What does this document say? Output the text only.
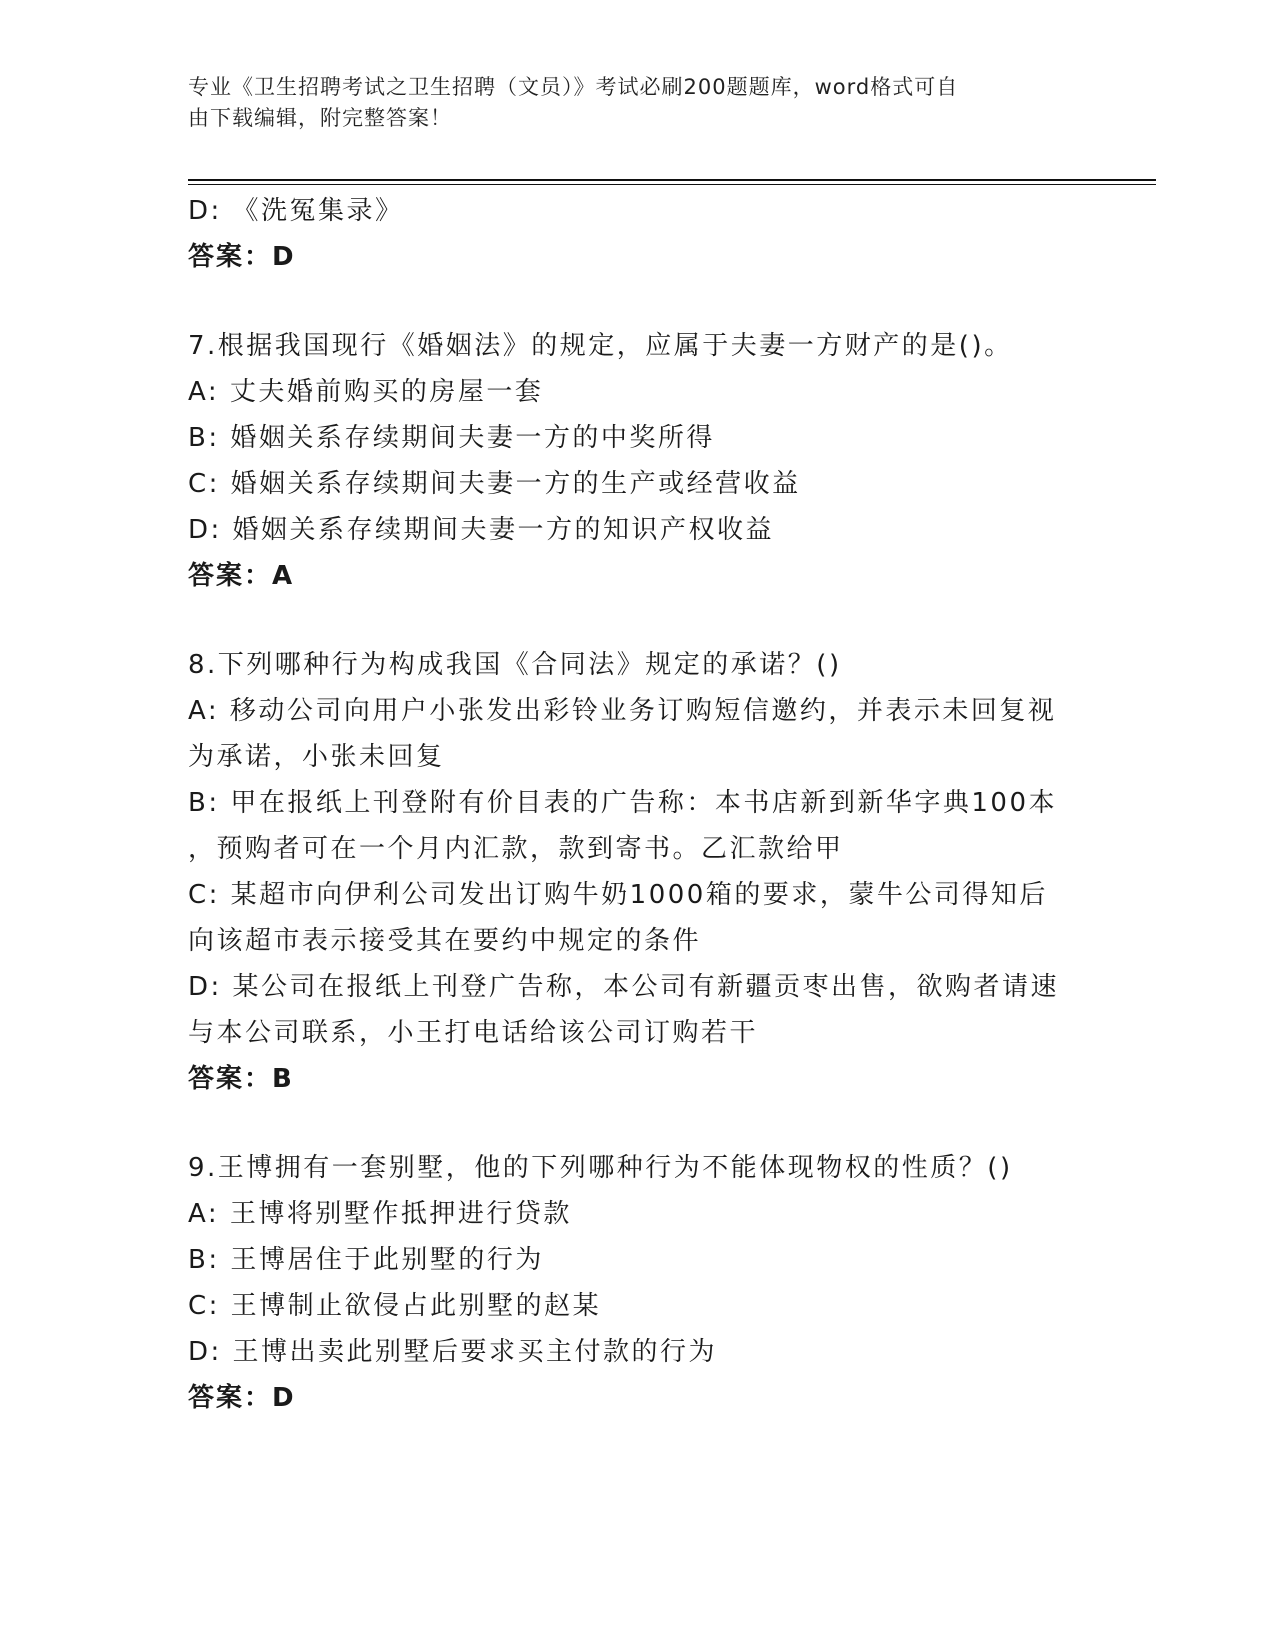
专业《卫生招聘考试之卫生招聘（文员）》考试必刷200题题库，word格式可自
由下载编辑，附完整答案！
D: 《洗冤集录》
答案：D
7.根据我国现行《婚姻法》的规定，应属于夫妻一方财产的是()。
A: 丈夫婚前购买的房屋一套
B: 婚姻关系存续期间夫妻一方的中奖所得
C: 婚姻关系存续期间夫妻一方的生产或经营收益
D: 婚姻关系存续期间夫妻一方的知识产权收益
答案：A
8.下列哪种行为构成我国《合同法》规定的承诺？()
A: 移动公司向用户小张发出彩铃业务订购短信邀约，并表示未回复视
为承诺，小张未回复
B: 甲在报纸上刊登附有价目表的广告称：本书店新到新华字典100本
，预购者可在一个月内汇款，款到寄书。乙汇款给甲
C: 某超市向伊利公司发出订购牛奶1000箱的要求，蒙牛公司得知后
向该超市表示接受其在要约中规定的条件
D: 某公司在报纸上刊登广告称，本公司有新疆贡枣出售，欲购者请速
与本公司联系，小王打电话给该公司订购若干
答案：B
9.王博拥有一套别墅，他的下列哪种行为不能体现物权的性质？()
A: 王博将别墅作抵押进行贷款
B: 王博居住于此别墅的行为
C: 王博制止欲侵占此别墅的赵某
D: 王博出卖此别墅后要求买主付款的行为
答案：D
